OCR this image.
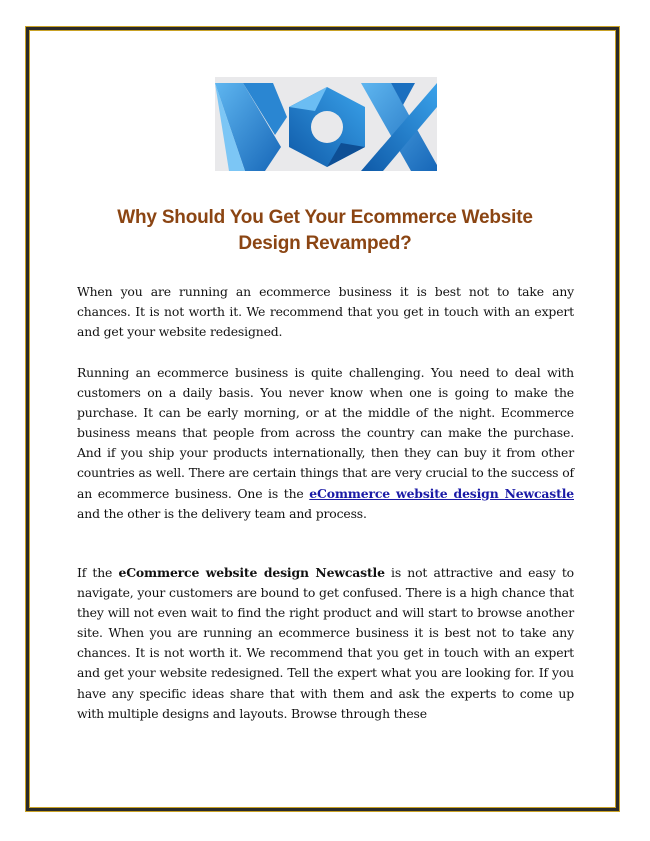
Why Should You Get Your Ecommerce Website
Design Revamped?
When you are running an ecommerce business it is best not to take any chances. It is not worth it. We recommend that you get in touch with an expert and get your website redesigned.
Running an ecommerce business is quite challenging. You need to deal with customers on a daily basis. You never know when one is going to make the purchase. It can be early morning, or at the middle of the night. Ecommerce business means that people from across the country can make the purchase. And if you ship your products internationally, then they can buy it from other countries as well. There are certain things that are very crucial to the success of an ecommerce business. One is the eCommerce website design Newcastle and the other is the delivery team and process.
If the eCommerce website design Newcastle is not attractive and easy to navigate, your customers are bound to get confused. There is a high chance that they will not even wait to find the right product and will start to browse another site. When you are running an ecommerce business it is best not to take any chances. It is not worth it. We recommend that you get in touch with an expert and get your website redesigned. Tell the expert what you are looking for. If you have any specific ideas share that with them and ask the experts to come up with multiple designs and layouts. Browse through these
